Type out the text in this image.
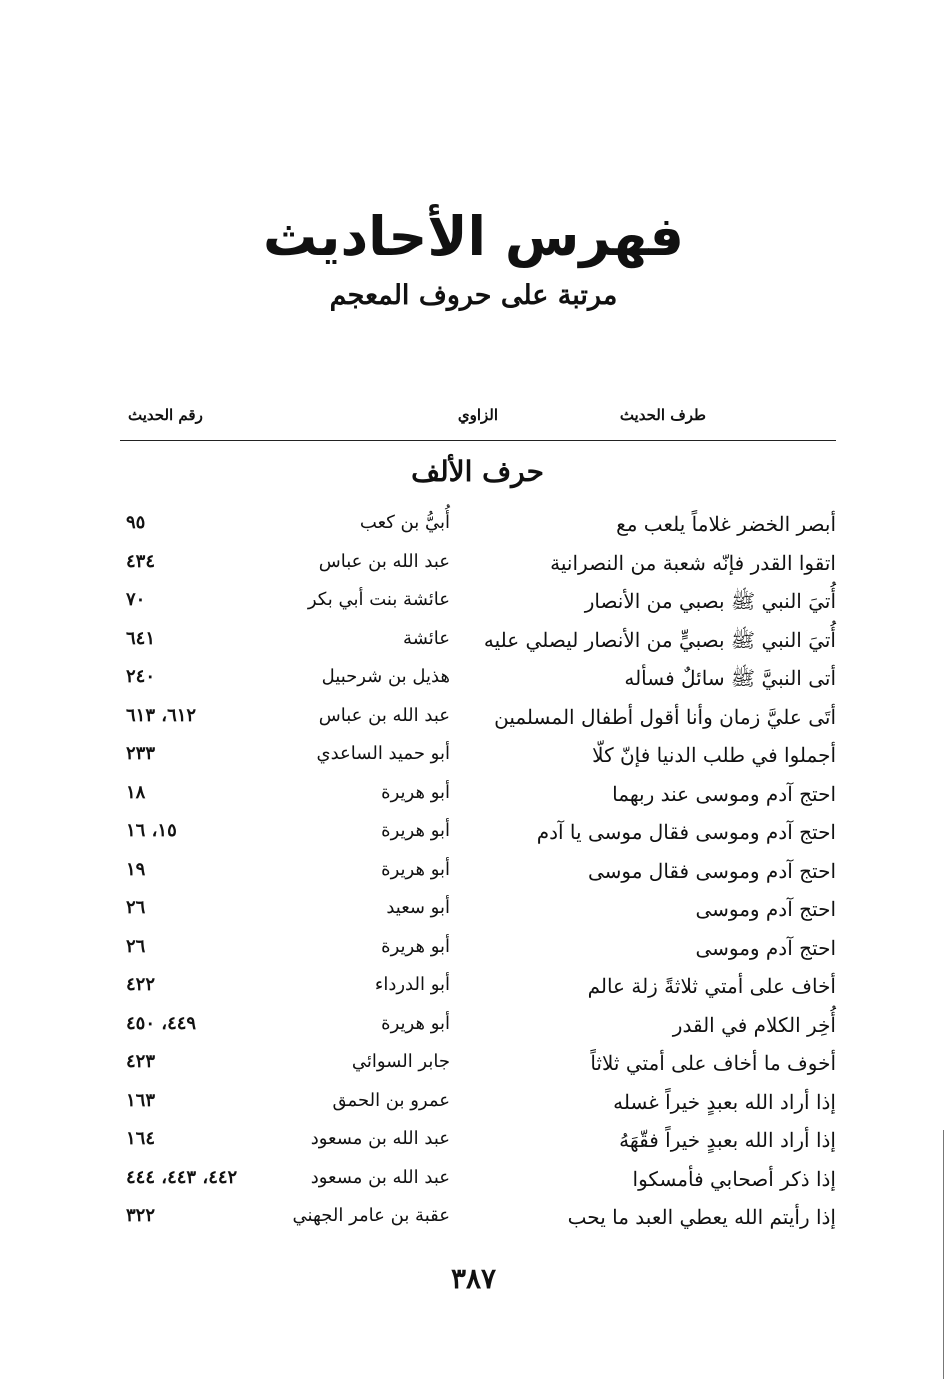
فهرس الأحاديث
مرتبة على حروف المعجم
طرف الحديث
الزاوي
رقم الحديث
حرف الألف
أبصر الخضر غلاماً يلعب مع
أُبيُّ بن كعب
٩٥
اتقوا القدر فإنّه شعبة من النصرانية
عبد الله بن عباس
٤٣٤
أُتيَ النبي ﷺ بصبي من الأنصار
عائشة بنت أبي بكر
٧٠
أُتيَ النبي ﷺ بصبيٍّ من الأنصار ليصلي عليه
عائشة
٦٤١
أتى النبيَّ ﷺ سائلٌ فسأله
هذيل بن شرحبيل
٢٤٠
أتَى عليَّ زمان وأنا أقول أطفال المسلمين
عبد الله بن عباس
٦١٢، ٦١٣
أجملوا في طلب الدنيا فإنّ كلّا
أبو حميد الساعدي
٢٣٣
احتج آدم وموسى عند ربهما
أبو هريرة
١٨
احتج آدم وموسى فقال موسى يا آدم
أبو هريرة
١٥، ١٦
احتج آدم وموسى فقال موسى
أبو هريرة
١٩
احتج آدم وموسى
أبو سعيد
٢٦
احتج آدم وموسى
أبو هريرة
٢٦
أخاف على أمتي ثلاثةً زلة عالم
أبو الدرداء
٤٢٢
أُخِر الكلام في القدر
أبو هريرة
٤٤٩، ٤٥٠
أخوف ما أخاف على أمتي ثلاثاً
جابر السوائي
٤٢٣
إذا أراد الله بعبدٍ خيراً غسله
عمرو بن الحمق
١٦٣
إذا أراد الله بعبدٍ خيراً فقّهَهُ
عبد الله بن مسعود
١٦٤
إذا ذكر أصحابي فأمسكوا
عبد الله بن مسعود
٤٤٢، ٤٤٣، ٤٤٤
إذا رأيتم الله يعطي العبد ما يحب
عقبة بن عامر الجهني
٣٢٢
٣٨٧
